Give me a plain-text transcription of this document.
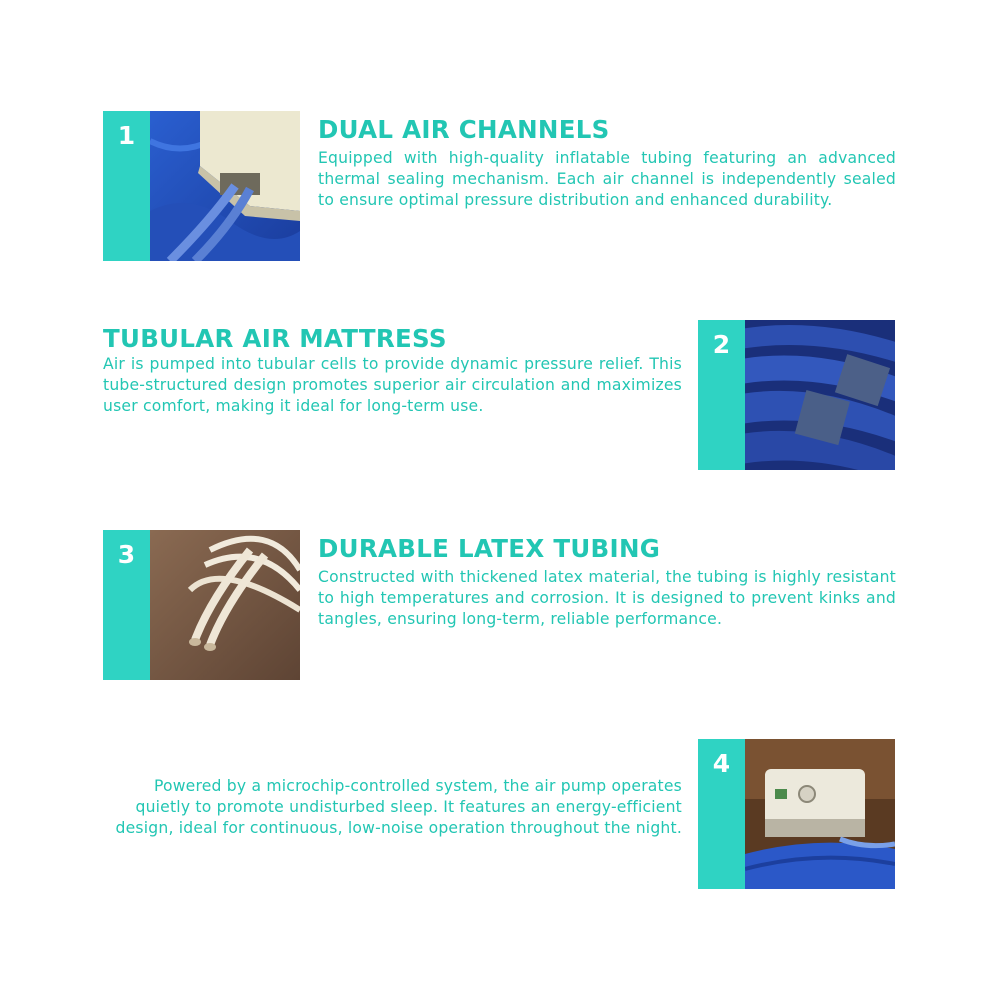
1	DUAL AIR CHANNELS
Equipped with high-quality inflatable tubing featuring an advanced thermal sealing mechanism. Each air channel is independently sealed to ensure optimal pressure distribution and enhanced durability.
TUBULAR AIR MATTRESS
Air is pumped into tubular cells to provide dynamic pressure relief. This tube-structured design promotes superior air circulation and maximizes user comfort, making it ideal for long-term use.
2
3	DURABLE LATEX TUBING
Constructed with thickened latex material, the tubing is highly resistant to high temperatures and corrosion. It is designed to prevent kinks and tangles, ensuring long-term, reliable performance.
Powered by a microchip-controlled system, the air pump operates quietly to promote undisturbed sleep. It features an energy-efficient design, ideal for continuous, low-noise operation throughout the night.
4
